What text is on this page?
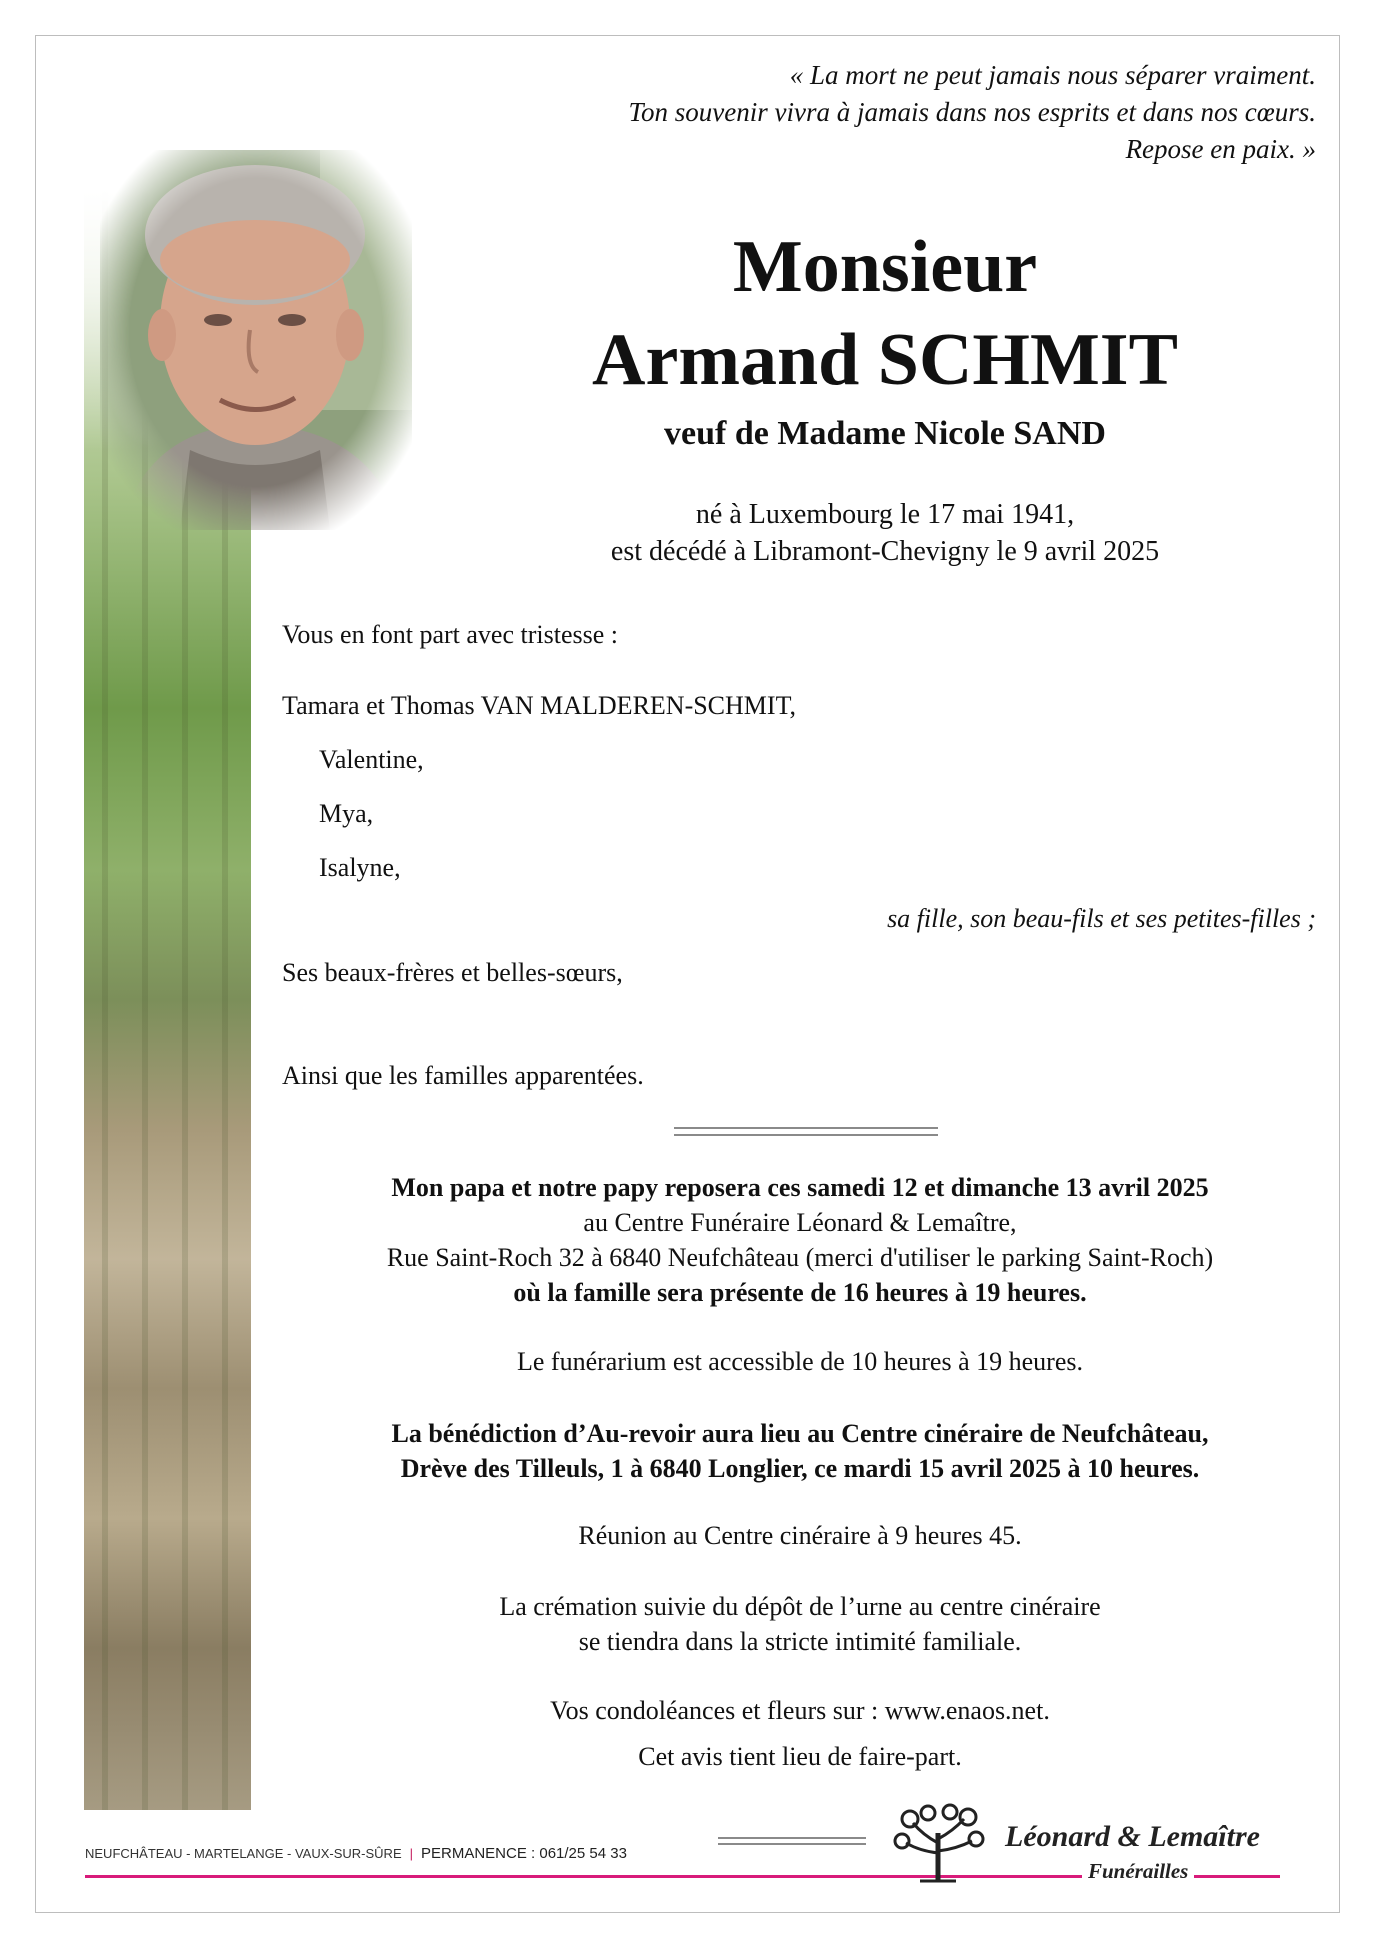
« La mort ne peut jamais nous séparer vraiment.
Ton souvenir vivra à jamais dans nos esprits et dans nos cœurs.
Repose en paix. »
Monsieur
Armand SCHMIT
veuf de Madame Nicole SAND
né à Luxembourg le 17 mai 1941,
est décédé à Libramont-Chevigny le 9 avril 2025
Vous en font part avec tristesse :
Tamara et Thomas VAN MALDEREN-SCHMIT,
Valentine,
Mya,
Isalyne,
sa fille, son beau-fils et ses petites-filles ;
Ses beaux-frères et belles-sœurs,
Ainsi que les familles apparentées.
Mon papa et notre papy reposera ces samedi 12 et dimanche 13 avril 2025
au Centre Funéraire Léonard & Lemaître,
Rue Saint-Roch 32 à 6840 Neufchâteau (merci d'utiliser le parking Saint-Roch)
où la famille sera présente de 16 heures à 19 heures.
Le funérarium est accessible de 10 heures à 19 heures.
La bénédiction d’Au-revoir aura lieu au Centre cinéraire de Neufchâteau,
Drève des Tilleuls, 1 à 6840 Longlier, ce mardi 15 avril 2025 à 10 heures.
Réunion au Centre cinéraire à 9 heures 45.
La crémation suivie du dépôt de l’urne au centre cinéraire
se tiendra dans la stricte intimité familiale.
Vos condoléances et fleurs sur : www.enaos.net.
Cet avis tient lieu de faire-part.
NEUFCHÂTEAU - MARTELANGE - VAUX-SUR-SÛRE | PERMANENCE : 061/25 54 33
Léonard & Lemaître
Funérailles
